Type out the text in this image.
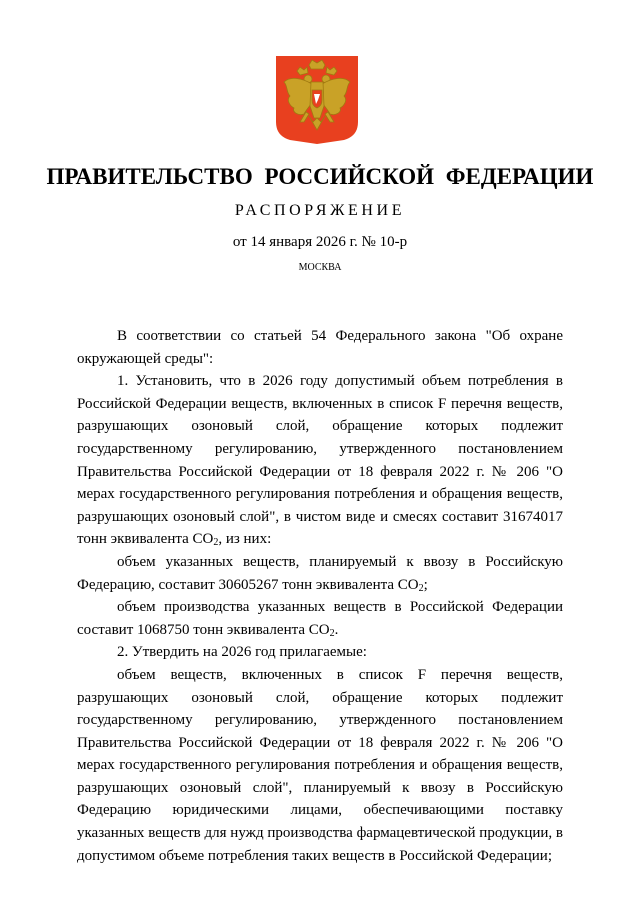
ПРАВИТЕЛЬСТВО РОССИЙСКОЙ ФЕДЕРАЦИИ
РАСПОРЯЖЕНИЕ
от 14 января 2026 г. № 10-р
МОСКВА

В соответствии со статьей 54 Федерального закона "Об охране окружающей среды":

1. Установить, что в 2026 году допустимый объем потребления в Российской Федерации веществ, включенных в список F перечня веществ, разрушающих озоновый слой, обращение которых подлежит государственному регулированию, утвержденного постановлением Правительства Российской Федерации от 18 февраля 2022 г. № 206 "О мерах государственного регулирования потребления и обращения веществ, разрушающих озоновый слой", в чистом виде и смесях составит 31674017 тонн эквивалента $CO_2$, из них:

объем указанных веществ, планируемый к ввозу в Российскую Федерацию, составит 30605267 тонн эквивалента $CO_2$;

объем производства указанных веществ в Российской Федерации составит 1068750 тонн эквивалента $CO_2$.

2. Утвердить на 2026 год прилагаемые:

объем веществ, включенных в список F перечня веществ, разрушающих озоновый слой, обращение которых подлежит государственному регулированию, утвержденного постановлением Правительства Российской Федерации от 18 февраля 2022 г. № 206 "О мерах государственного регулирования потребления и обращения веществ, разрушающих озоновый слой", планируемый к ввозу в Российскую Федерацию юридическими лицами, обеспечивающими поставку указанных веществ для нужд производства фармацевтической продукции, в допустимом объеме потребления таких веществ в Российской Федерации;
